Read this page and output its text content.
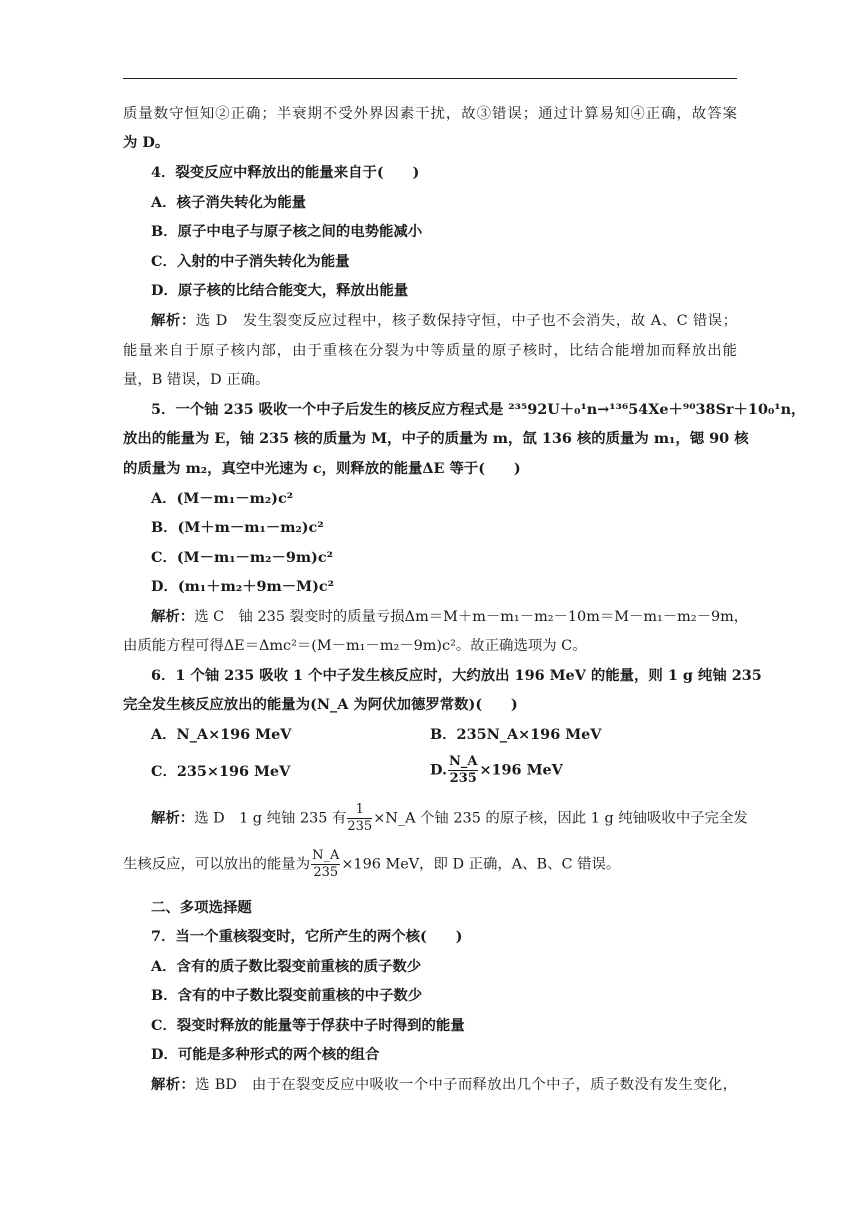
质量数守恒知②正确；半衰期不受外界因素干扰，故③错误；通过计算易知④正确，故答案
为 D。
4．裂变反应中释放出的能量来自于(　　)
A．核子消失转化为能量
B．原子中电子与原子核之间的电势能减小
C．入射的中子消失转化为能量
D．原子核的比结合能变大，释放出能量
解析：选 D　发生裂变反应过程中，核子数保持守恒，中子也不会消失，故 A、C 错误；
能量来自于原子核内部，由于重核在分裂为中等质量的原子核时，比结合能增加而释放出能
量，B 错误，D 正确。
5．一个铀 235 吸收一个中子后发生的核反应方程式是 ²³⁵92U＋₀¹n→¹³⁶54Xe＋⁹⁰38Sr＋10₀¹n，
放出的能量为 E，铀 235 核的质量为 M，中子的质量为 m，氙 136 核的质量为 m₁，锶 90 核
的质量为 m₂，真空中光速为 c，则释放的能量ΔE 等于(　　)
A．(M－m₁－m₂)c²
B．(M＋m－m₁－m₂)c²
C．(M－m₁－m₂－9m)c²
D．(m₁＋m₂＋9m－M)c²
解析：选 C　铀 235 裂变时的质量亏损Δm＝M＋m－m₁－m₂－10m＝M－m₁－m₂－9m，
由质能方程可得ΔE＝Δmc²＝(M－m₁－m₂－9m)c²。故正确选项为 C。
6．1 个铀 235 吸收 1 个中子发生核反应时，大约放出 196 MeV 的能量，则 1 g 纯铀 235
完全发生核反应放出的能量为(N_A 为阿伏加德罗常数)(　　)
A．N_A×196 MeV	B．235N_A×196 MeV
C．235×196 MeV	D. $\frac{N\_A}{235} \times 196$ MeV
解析：选 D　1 g 纯铀 235 有 $\frac{1}{235}$ ×N_A 个铀 235 的原子核，因此 1 g 纯铀吸收中子完全发
生核反应，可以放出的能量为 $\frac{N\_A}{235} \times 196$ MeV，即 D 正确，A、B、C 错误。
二、多项选择题
7．当一个重核裂变时，它所产生的两个核(　　)
A．含有的质子数比裂变前重核的质子数少
B．含有的中子数比裂变前重核的中子数少
C．裂变时释放的能量等于俘获中子时得到的能量
D．可能是多种形式的两个核的组合
解析：选 BD　由于在裂变反应中吸收一个中子而释放出几个中子，质子数没有发生变化，
